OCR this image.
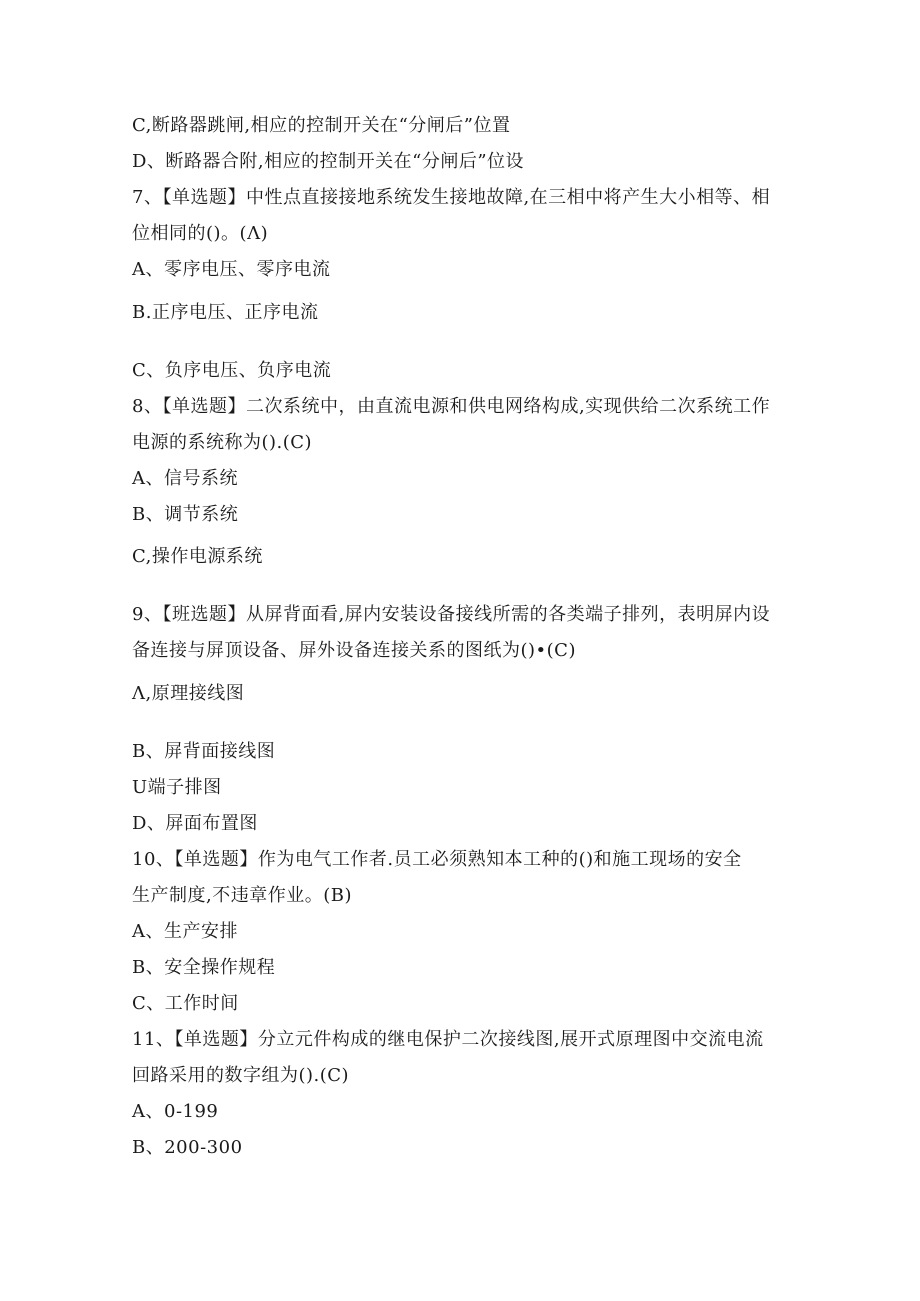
C,断路器跳闸,相应的控制开关在“分闸后”位置
D、断路器合附,相应的控制开关在“分闸后”位设
7、【单选题】中性点直接接地系统发生接地故障,在三相中将产生大小相等、相
位相同的()。(Λ)
A、零序电压、零序电流
B.正序电压、正序电流
C、负序电压、负序电流
8、【单选题】二次系统中，由直流电源和供电网络构成,实现供给二次系统工作
电源的系统称为().(C)
A、信号系统
B、调节系统
C,操作电源系统
9、【班选题】从屏背面看,屏内安装设备接线所需的各类端子排列，表明屏内设
备连接与屏顶设备、屏外设备连接关系的图纸为()•(C)
Λ,原理接线图
B、屏背面接线图
U端子排图
D、屏面布置图
10、【单选题】作为电气工作者.员工必须熟知本工种的()和施工现场的安全
生产制度,不违章作业。(B)
A、生产安排
B、安全操作规程
C、工作时间
11、【单选题】分立元件构成的继电保护二次接线图,展开式原理图中交流电流
回路采用的数字组为().(C)
A、0-199
B、200-300
